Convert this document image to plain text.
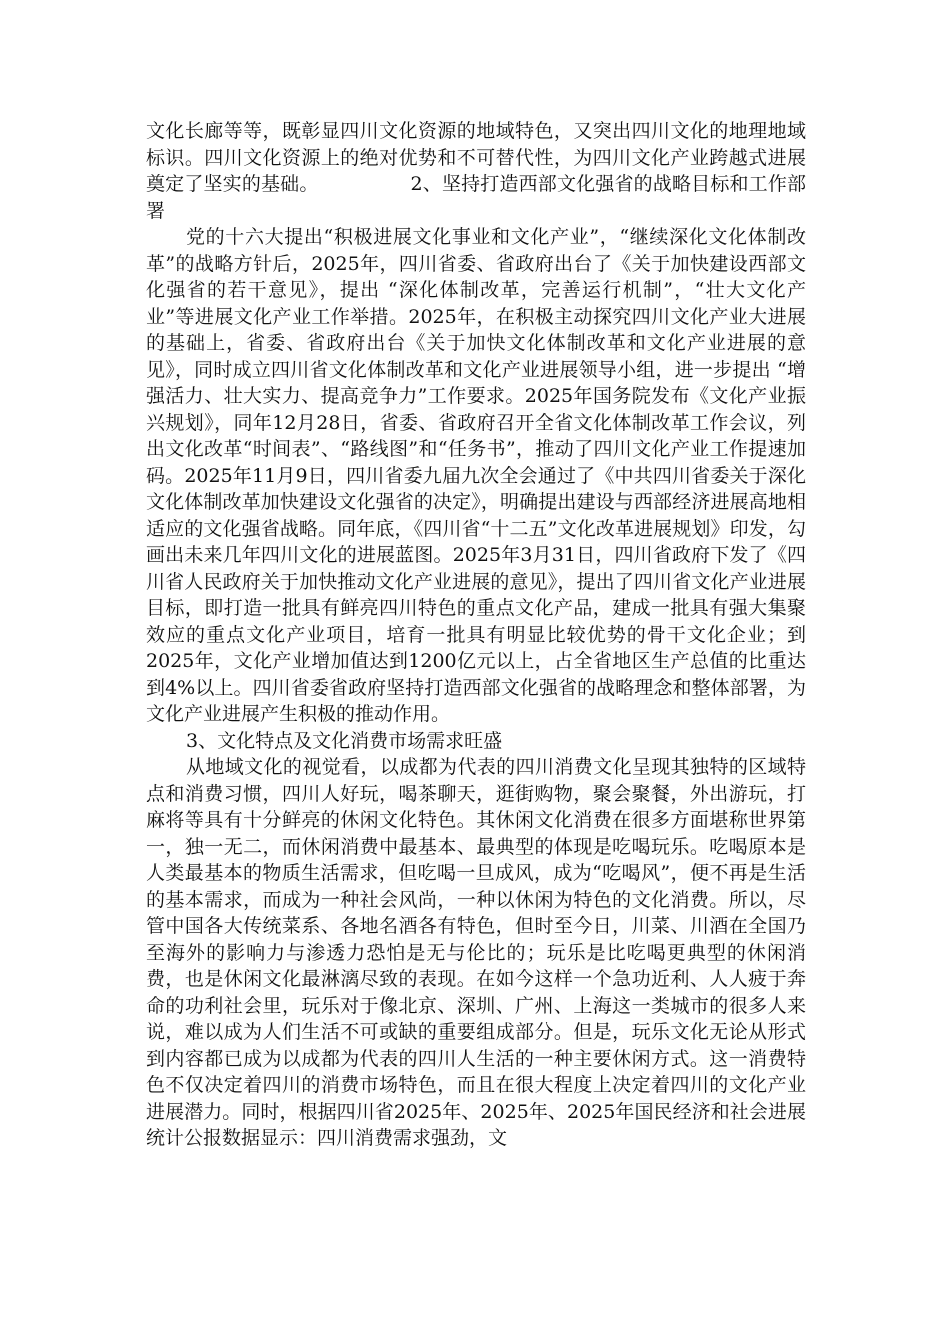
文化长廊等等，既彰显四川文化资源的地域特色，又突出四川文化的地理地域标识。四川文化资源上的绝对优势和不可替代性，为四川文化产业跨越式进展奠定了坚实的基础。	2、坚持打造西部文化强省的战略目标和工作部署

党的十六大提出“积极进展文化事业和文化产业”，“继续深化文化体制改革”的战略方针后，2025年，四川省委、省政府出台了《关于加快建设西部文化强省的若干意见》，提出 “深化体制改革，完善运行机制”，“壮大文化产业”等进展文化产业工作举措。2025年，在积极主动探究四川文化产业大进展的基础上，省委、省政府出台《关于加快文化体制改革和文化产业进展的意见》，同时成立四川省文化体制改革和文化产业进展领导小组，进一步提出 “增强活力、壮大实力、提高竞争力”工作要求。2025年国务院发布《文化产业振兴规划》，同年12月28日，省委、省政府召开全省文化体制改革工作会议，列出文化改革“时间表”、“路线图”和“任务书”，推动了四川文化产业工作提速加码。2025年11月9日，四川省委九届九次全会通过了《中共四川省委关于深化文化体制改革加快建设文化强省的决定》，明确提出建设与西部经济进展高地相适应的文化强省战略。同年底，《四川省“十二五”文化改革进展规划》印发，勾画出未来几年四川文化的进展蓝图。2025年3月31日，四川省政府下发了《四川省人民政府关于加快推动文化产业进展的意见》，提出了四川省文化产业进展目标，即打造一批具有鲜亮四川特色的重点文化产品，建成一批具有强大集聚效应的重点文化产业项目，培育一批具有明显比较优势的骨干文化企业；到2025年，文化产业增加值达到1200亿元以上，占全省地区生产总值的比重达到4%以上。四川省委省政府坚持打造西部文化强省的战略理念和整体部署，为文化产业进展产生积极的推动作用。

3、文化特点及文化消费市场需求旺盛

从地域文化的视觉看，以成都为代表的四川消费文化呈现其独特的区域特点和消费习惯，四川人好玩，喝茶聊天，逛街购物，聚会聚餐，外出游玩，打麻将等具有十分鲜亮的休闲文化特色。其休闲文化消费在很多方面堪称世界第一，独一无二，而休闲消费中最基本、最典型的体现是吃喝玩乐。吃喝原本是人类最基本的物质生活需求，但吃喝一旦成风，成为“吃喝风”，便不再是生活的基本需求，而成为一种社会风尚，一种以休闲为特色的文化消费。所以，尽管中国各大传统菜系、各地名酒各有特色，但时至今日，川菜、川酒在全国乃至海外的影响力与渗透力恐怕是无与伦比的；玩乐是比吃喝更典型的休闲消费，也是休闲文化最淋漓尽致的表现。在如今这样一个急功近利、人人疲于奔命的功利社会里，玩乐对于像北京、深圳、广州、上海这一类城市的很多人来说，难以成为人们生活不可或缺的重要组成部分。但是，玩乐文化无论从形式到内容都已成为以成都为代表的四川人生活的一种主要休闲方式。这一消费特色不仅决定着四川的消费市场特色，而且在很大程度上决定着四川的文化产业进展潜力。同时，根据四川省2025年、2025年、2025年国民经济和社会进展统计公报数据显示：四川消费需求强劲，文
